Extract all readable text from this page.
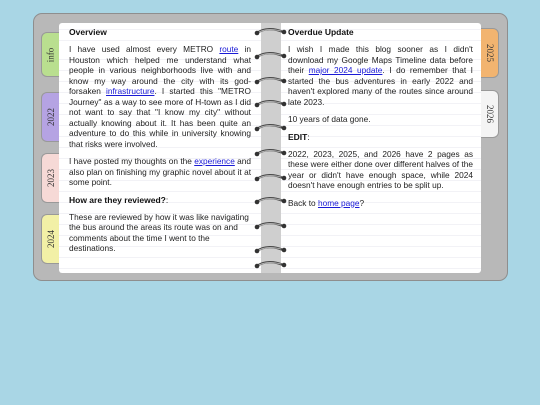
info
2022
2023
2024
2025
2026
Overview

I have used almost every METRO route in Houston which helped me understand what people in various neighborhoods live with and know my way around the city with its god-forsaken infrastructure. I started this "METRO Journey" as a way to see more of H-town as I did not want to say that "I know my city" without actually knowing about it. It has been quite an adventure to do this while in university knowing that risks were involved.

I have posted my thoughts on the experience and also plan on finishing my graphic novel about it at some point.

How are they reviewed?:

These are reviewed by how it was like navigating the bus around the areas its route was on and comments about the time I went to the destinations.

Overdue Update

I wish I made this blog sooner as I didn't download my Google Maps Timeline data before their major 2024 update. I do remember that I started the bus adventures in early 2022 and haven't explored many of the routes since around late 2023.

10 years of data gone.

EDIT:

2022, 2023, 2025, and 2026 have 2 pages as these were either done over different halves of the year or didn't have enough space, while 2024 doesn't have enough entries to be split up.

Back to home page?
